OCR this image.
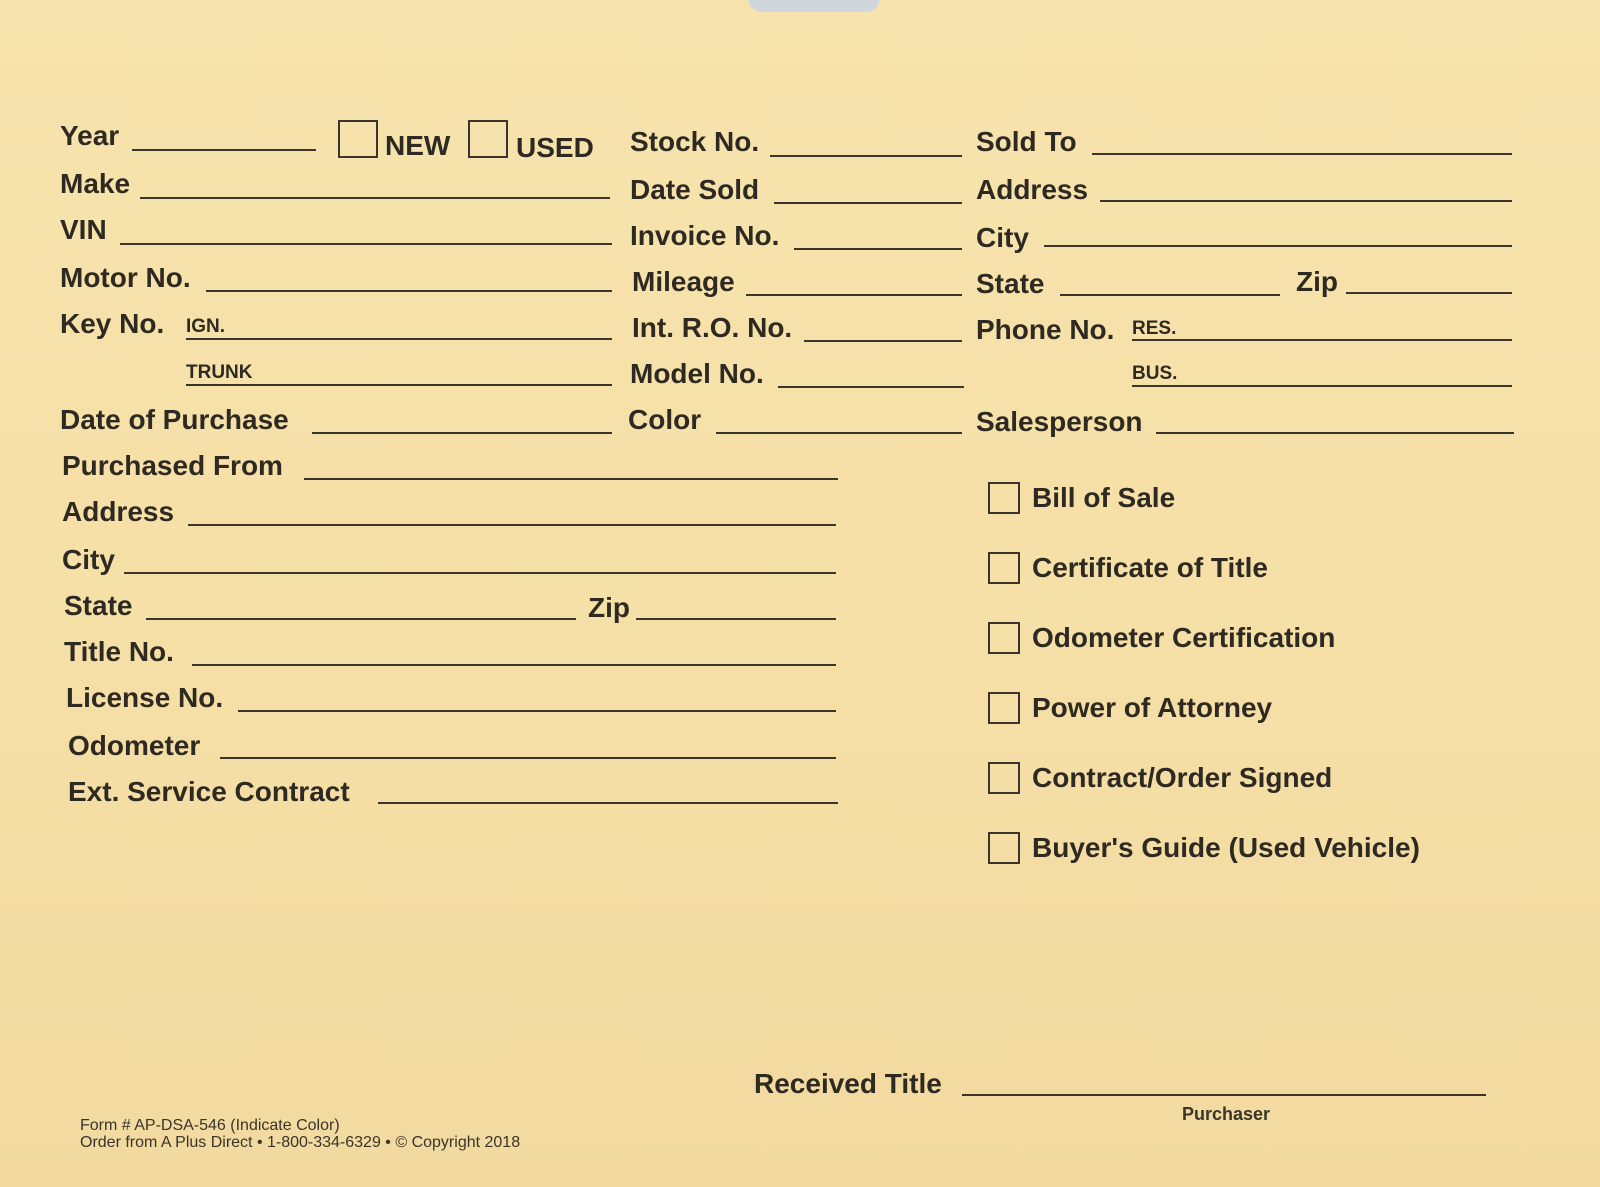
Year	NEW USED
Make
VIN
Motor No.
Key No. IGN.
TRUNK
Date of Purchase
Purchased From
Address
City
State	Zip
Title No.
License No.
Odometer
Ext. Service Contract
Stock No.
Date Sold
Invoice No.
Mileage
Int. R.O. No.
Model No.
Color
Sold To
Address
City
State	Zip
Phone No. RES.
BUS.
Salesperson
Bill of Sale
Certificate of Title
Odometer Certification
Power of Attorney
Contract/Order Signed
Buyer's Guide (Used Vehicle)
Received Title
Purchaser
Form # AP-DSA-546 (Indicate Color)
Order from A Plus Direct • 1-800-334-6329 • © Copyright 2018
